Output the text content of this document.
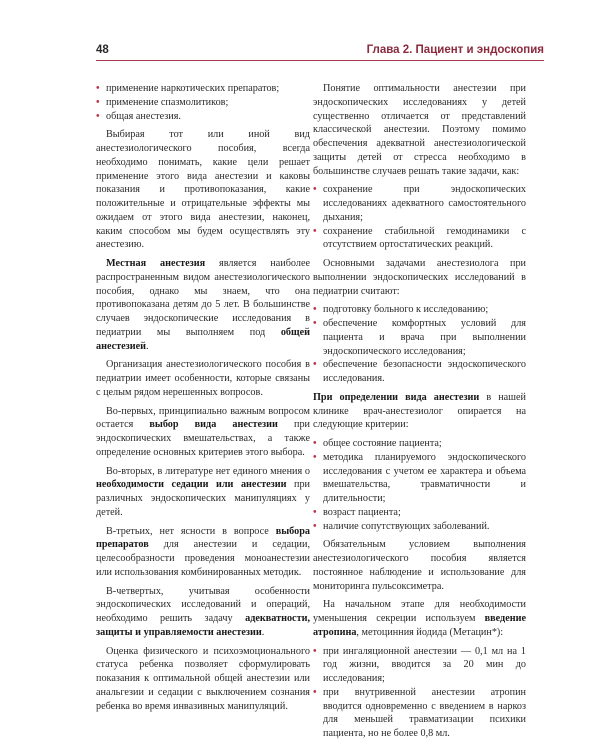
48	Глава 2. Пациент и эндоскопия
• применение наркотических препаратов;
• применение спазмолитиков;
• общая анестезия.

Выбирая тот или иной вид анестезиологического пособия, всегда необходимо понимать, какие цели решает применение этого вида анестезии и каковы показания и противопоказания, какие положительные и отрицательные эффекты мы ожидаем от этого вида анестезии, наконец, каким способом мы будем осуществлять эту анестезию.

Местная анестезия является наиболее распространенным видом анестезиологического пособия, однако мы знаем, что она противопоказана детям до 5 лет. В большинстве случаев эндоскопические исследования в педиатрии мы выполняем под общей анестезией.

Организация анестезиологического пособия в педиатрии имеет особенности, которые связаны с целым рядом нерешенных вопросов.

Во-первых, принципиально важным вопросом остается выбор вида анестезии при эндоскопических вмешательствах, а также определение основных критериев этого выбора.

Во-вторых, в литературе нет единого мнения о необходимости седации или анестезии при различных эндоскопических манипуляциях у детей.

В-третьих, нет ясности в вопросе выбора препаратов для анестезии и седации, целесообразности проведения моноанестезии или использования комбинированных методик.

В-четвертых, учитывая особенности эндоскопических исследований и операций, необходимо решить задачу адекватности, защиты и управляемости анестезии.

Оценка физического и психоэмоционального статуса ребенка позволяет сформулировать показания к оптимальной общей анестезии или анальгезии и седации с выключением сознания ребенка во время инвазивных манипуляций.

Понятие оптимальности анестезии при эндоскопических исследованиях у детей существенно отличается от представлений классической анестезии. Поэтому помимо обеспечения адекватной анестезиологической защиты детей от стресса необходимо в большинстве случаев решать такие задачи, как:

• сохранение при эндоскопических исследованиях адекватного самостоятельного дыхания;
• сохранение стабильной гемодинамики с отсутствием ортостатических реакций.

Основными задачами анестезиолога при выполнении эндоскопических исследований в педиатрии считают:

• подготовку больного к исследованию;
• обеспечение комфортных условий для пациента и врача при выполнении эндоскопического исследования;
• обеспечение безопасности эндоскопического исследования.

При определении вида анестезии в нашей клинике врач-анестезиолог опирается на следующие критерии:

• общее состояние пациента;
• методика планируемого эндоскопического исследования с учетом ее характера и объема вмешательства, травматичности и длительности;
• возраст пациента;
• наличие сопутствующих заболеваний.

Обязательным условием выполнения анестезиологического пособия является постоянное наблюдение и использование для мониторинга пульсоксиметра.

На начальном этапе для необходимости уменьшения секреции используем введение атропина, метоцинния йодида (Метацин*):

• при ингаляционной анестезии — 0,1 мл на 1 год жизни, вводится за 20 мин до исследования;
• при внутривенной анестезии атропин вводится одновременно с введением в наркоз для меньшей травматизации психики пациента, но не более 0,8 мл.
